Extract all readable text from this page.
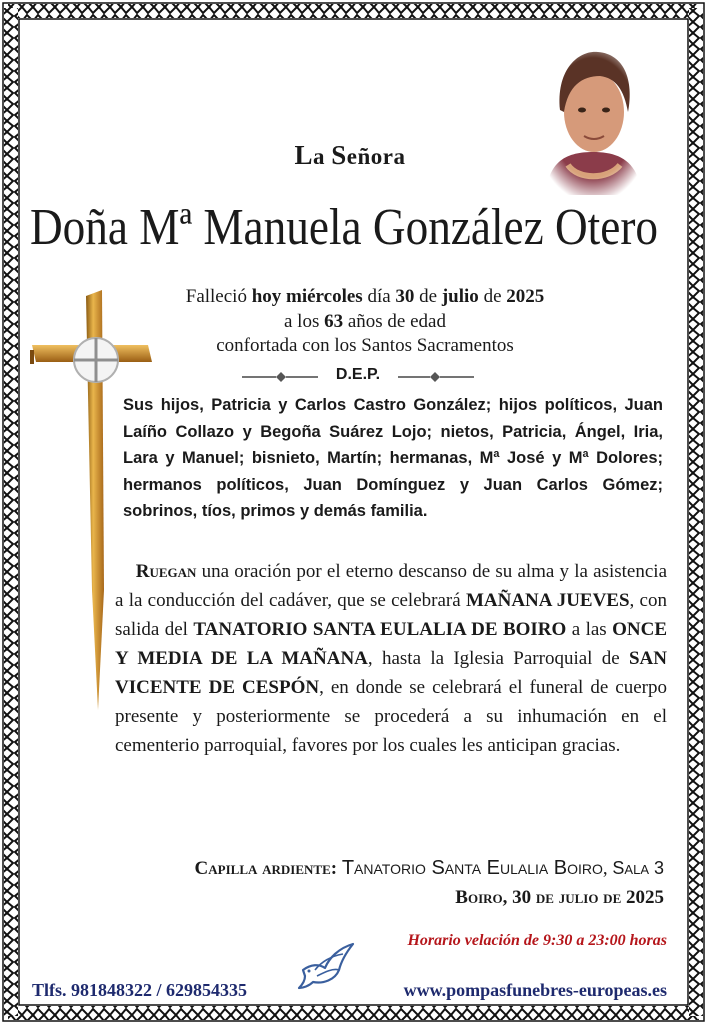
La Señora
Doña Mª Manuela González Otero
Falleció hoy miércoles día 30 de julio de 2025
a los 63 años de edad
confortada con los Santos Sacramentos
D.E.P.
Sus hijos, Patricia y Carlos Castro González; hijos políticos, Juan Laíño Collazo y Begoña Suárez Lojo; nietos, Patricia, Ángel, Iria, Lara y Manuel; bisnieto, Martín; hermanas, Mª José y Mª Dolores; hermanos políticos, Juan Domínguez y Juan Carlos Gómez; sobrinos, tíos, primos y demás familia.
Ruegan una oración por el eterno descanso de su alma y la asistencia a la conducción del cadáver, que se celebrará MAÑANA JUEVES, con salida del TANATORIO SANTA EULALIA DE BOIRO a las ONCE Y MEDIA DE LA MAÑANA, hasta la Iglesia Parroquial de SAN VICENTE DE CESPÓN, en donde se celebrará el funeral de cuerpo presente y posteriormente se procederá a su inhumación en el cementerio parroquial, favores por los cuales les anticipan gracias.
Capilla ardiente: Tanatorio Santa Eulalia Boiro, Sala 3
Boiro, 30 de julio de 2025
Horario velación de 9:30 a 23:00 horas
Tlfs. 981848322 / 629854335	www.pompasfunebres-europeas.es
